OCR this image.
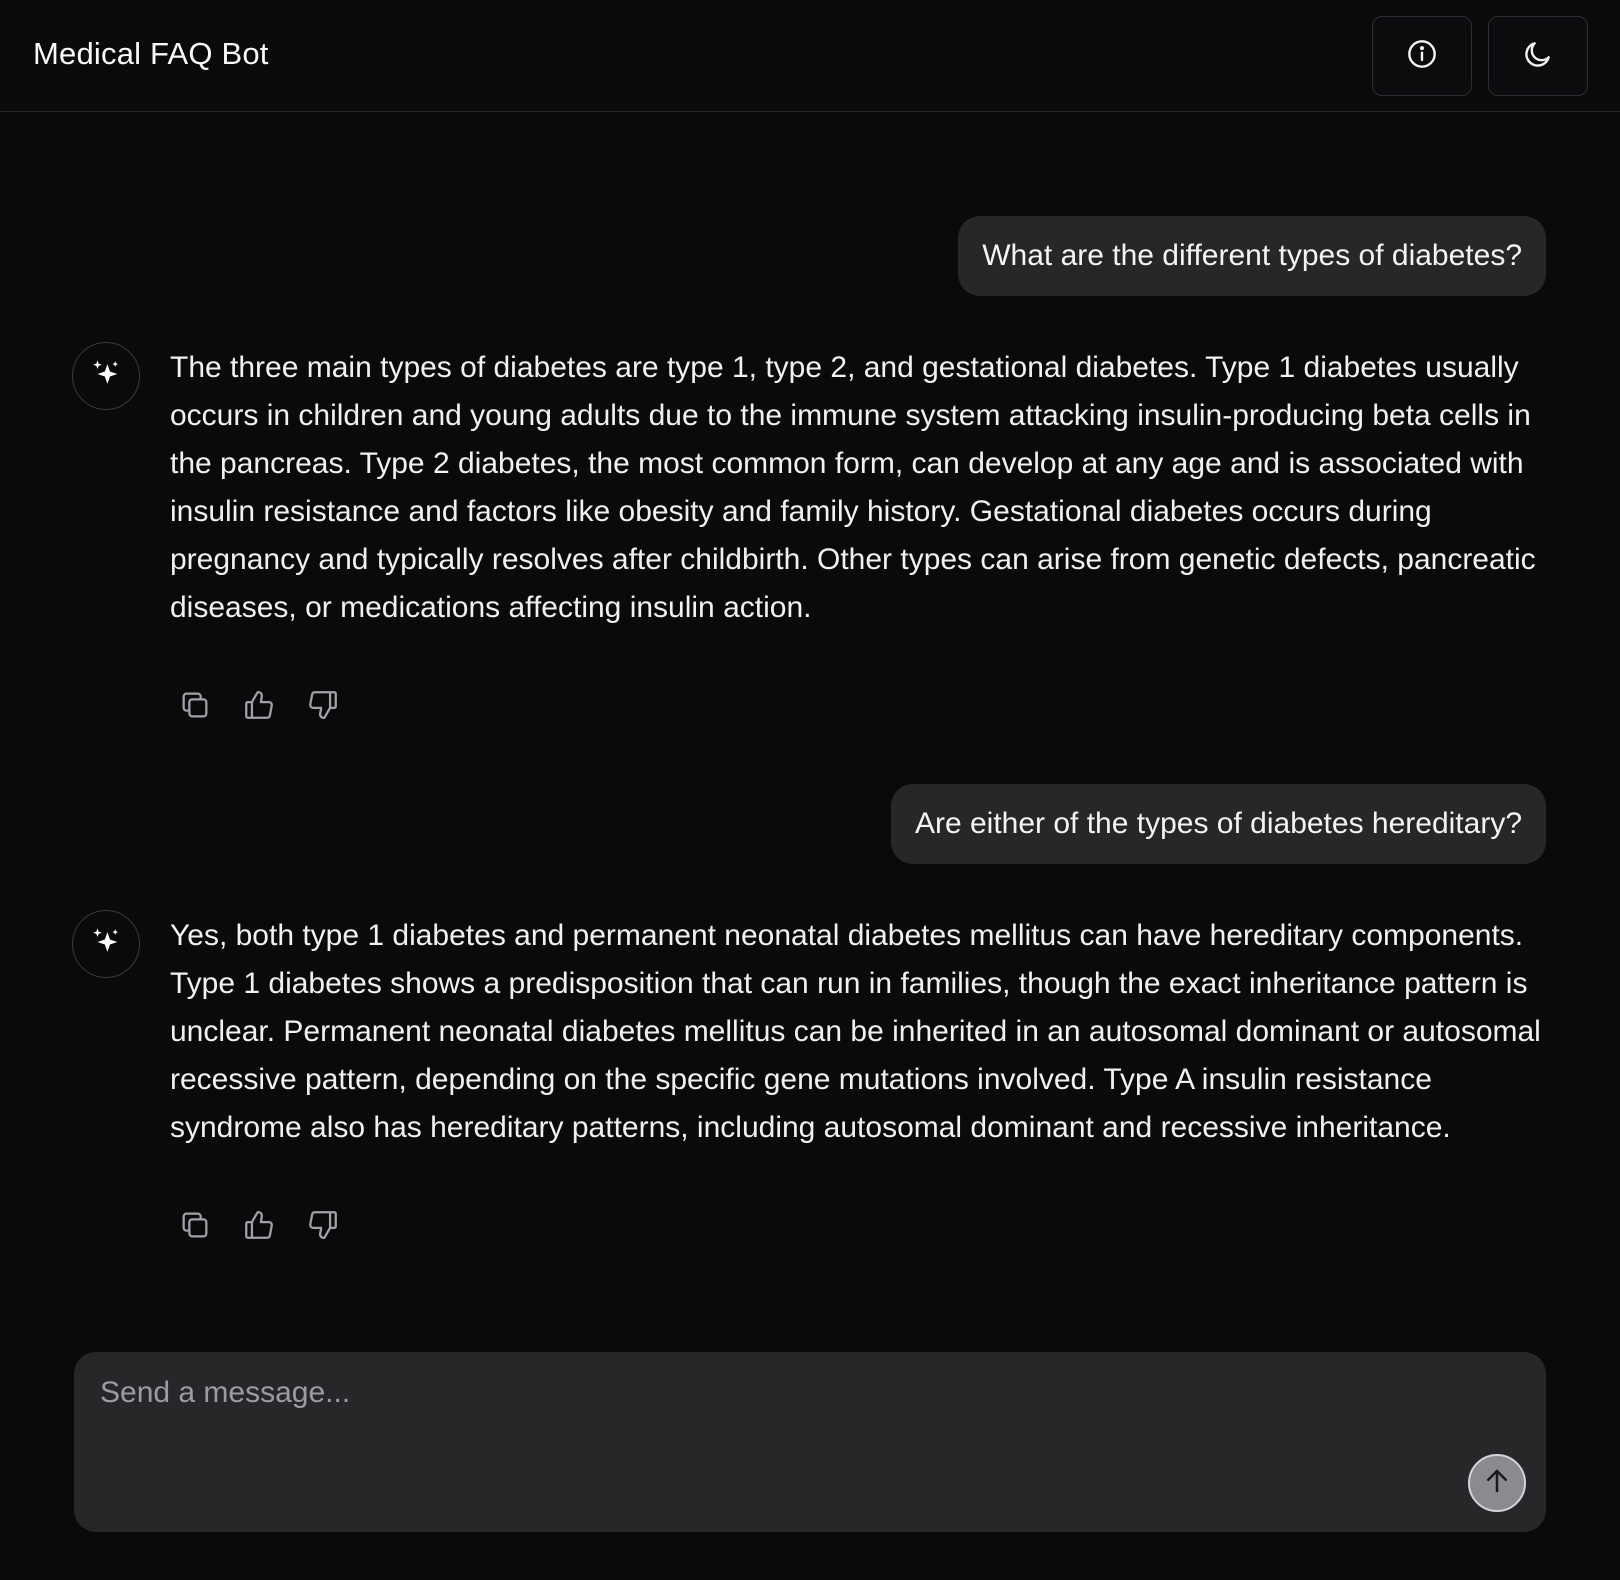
Medical FAQ Bot
What are the different types of diabetes?
The three main types of diabetes are type 1, type 2, and gestational diabetes. Type 1 diabetes usually occurs in children and young adults due to the immune system attacking insulin-producing beta cells in the pancreas. Type 2 diabetes, the most common form, can develop at any age and is associated with insulin resistance and factors like obesity and family history. Gestational diabetes occurs during pregnancy and typically resolves after childbirth. Other types can arise from genetic defects, pancreatic diseases, or medications affecting insulin action.
Are either of the types of diabetes hereditary?
Yes, both type 1 diabetes and permanent neonatal diabetes mellitus can have hereditary components. Type 1 diabetes shows a predisposition that can run in families, though the exact inheritance pattern is unclear. Permanent neonatal diabetes mellitus can be inherited in an autosomal dominant or autosomal recessive pattern, depending on the specific gene mutations involved. Type A insulin resistance syndrome also has hereditary patterns, including autosomal dominant and recessive inheritance.
Send a message...
